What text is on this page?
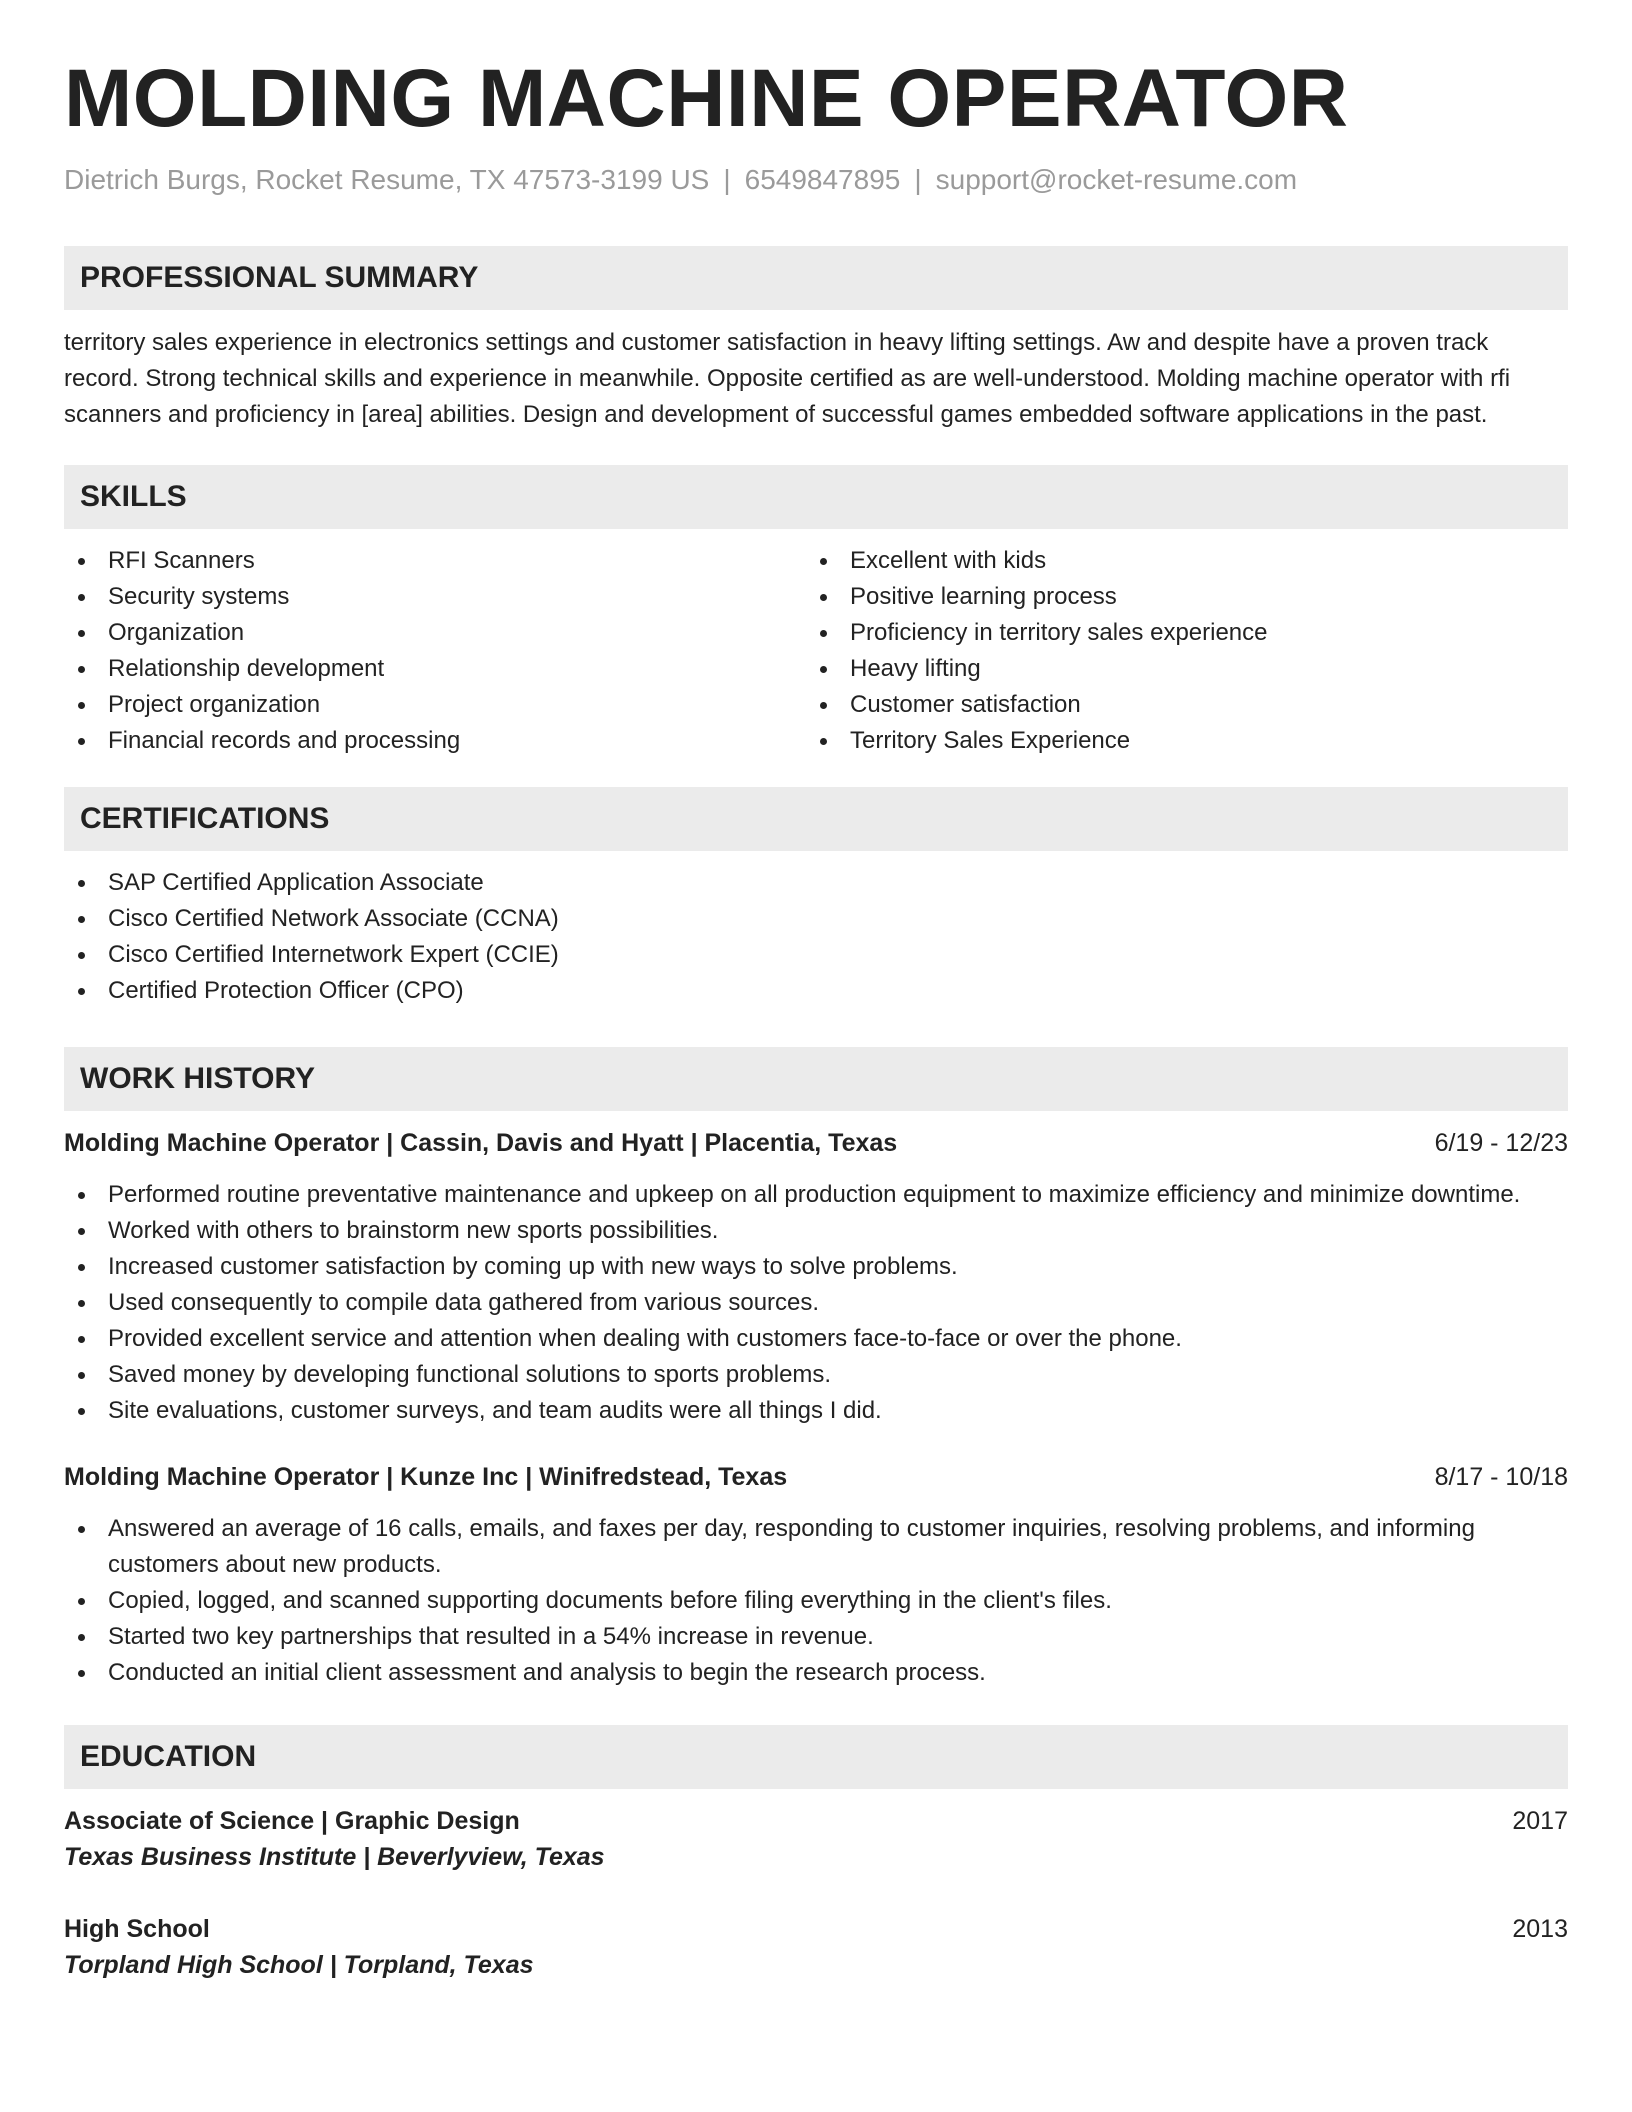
MOLDING MACHINE OPERATOR
Dietrich Burgs, Rocket Resume, TX 47573-3199 US | 6549847895 | support@rocket-resume.com
PROFESSIONAL SUMMARY

territory sales experience in electronics settings and customer satisfaction in heavy lifting settings. Aw and despite have a proven track record. Strong technical skills and experience in meanwhile. Opposite certified as are well-understood. Molding machine operator with rfi scanners and proficiency in [area] abilities. Design and development of successful games embedded software applications in the past.

SKILLS
RFI Scanners
Security systems
Organization
Relationship development
Project organization
Financial records and processing
Excellent with kids
Positive learning process
Proficiency in territory sales experience
Heavy lifting
Customer satisfaction
Territory Sales Experience
CERTIFICATIONS
SAP Certified Application Associate
Cisco Certified Network Associate (CCNA)
Cisco Certified Internetwork Expert (CCIE)
Certified Protection Officer (CPO)
WORK HISTORY
Molding Machine Operator | Cassin, Davis and Hyatt | Placentia, Texas	6/19 - 12/23
Performed routine preventative maintenance and upkeep on all production equipment to maximize efficiency and minimize downtime.
Worked with others to brainstorm new sports possibilities.
Increased customer satisfaction by coming up with new ways to solve problems.
Used consequently to compile data gathered from various sources.
Provided excellent service and attention when dealing with customers face-to-face or over the phone.
Saved money by developing functional solutions to sports problems.
Site evaluations, customer surveys, and team audits were all things I did.
Molding Machine Operator | Kunze Inc | Winifredstead, Texas	8/17 - 10/18
Answered an average of 16 calls, emails, and faxes per day, responding to customer inquiries, resolving problems, and informing customers about new products.
Copied, logged, and scanned supporting documents before filing everything in the client's files.
Started two key partnerships that resulted in a 54% increase in revenue.
Conducted an initial client assessment and analysis to begin the research process.
EDUCATION
Associate of Science | Graphic Design	2017
Texas Business Institute | Beverlyview, Texas
High School	2013
Torpland High School | Torpland, Texas
